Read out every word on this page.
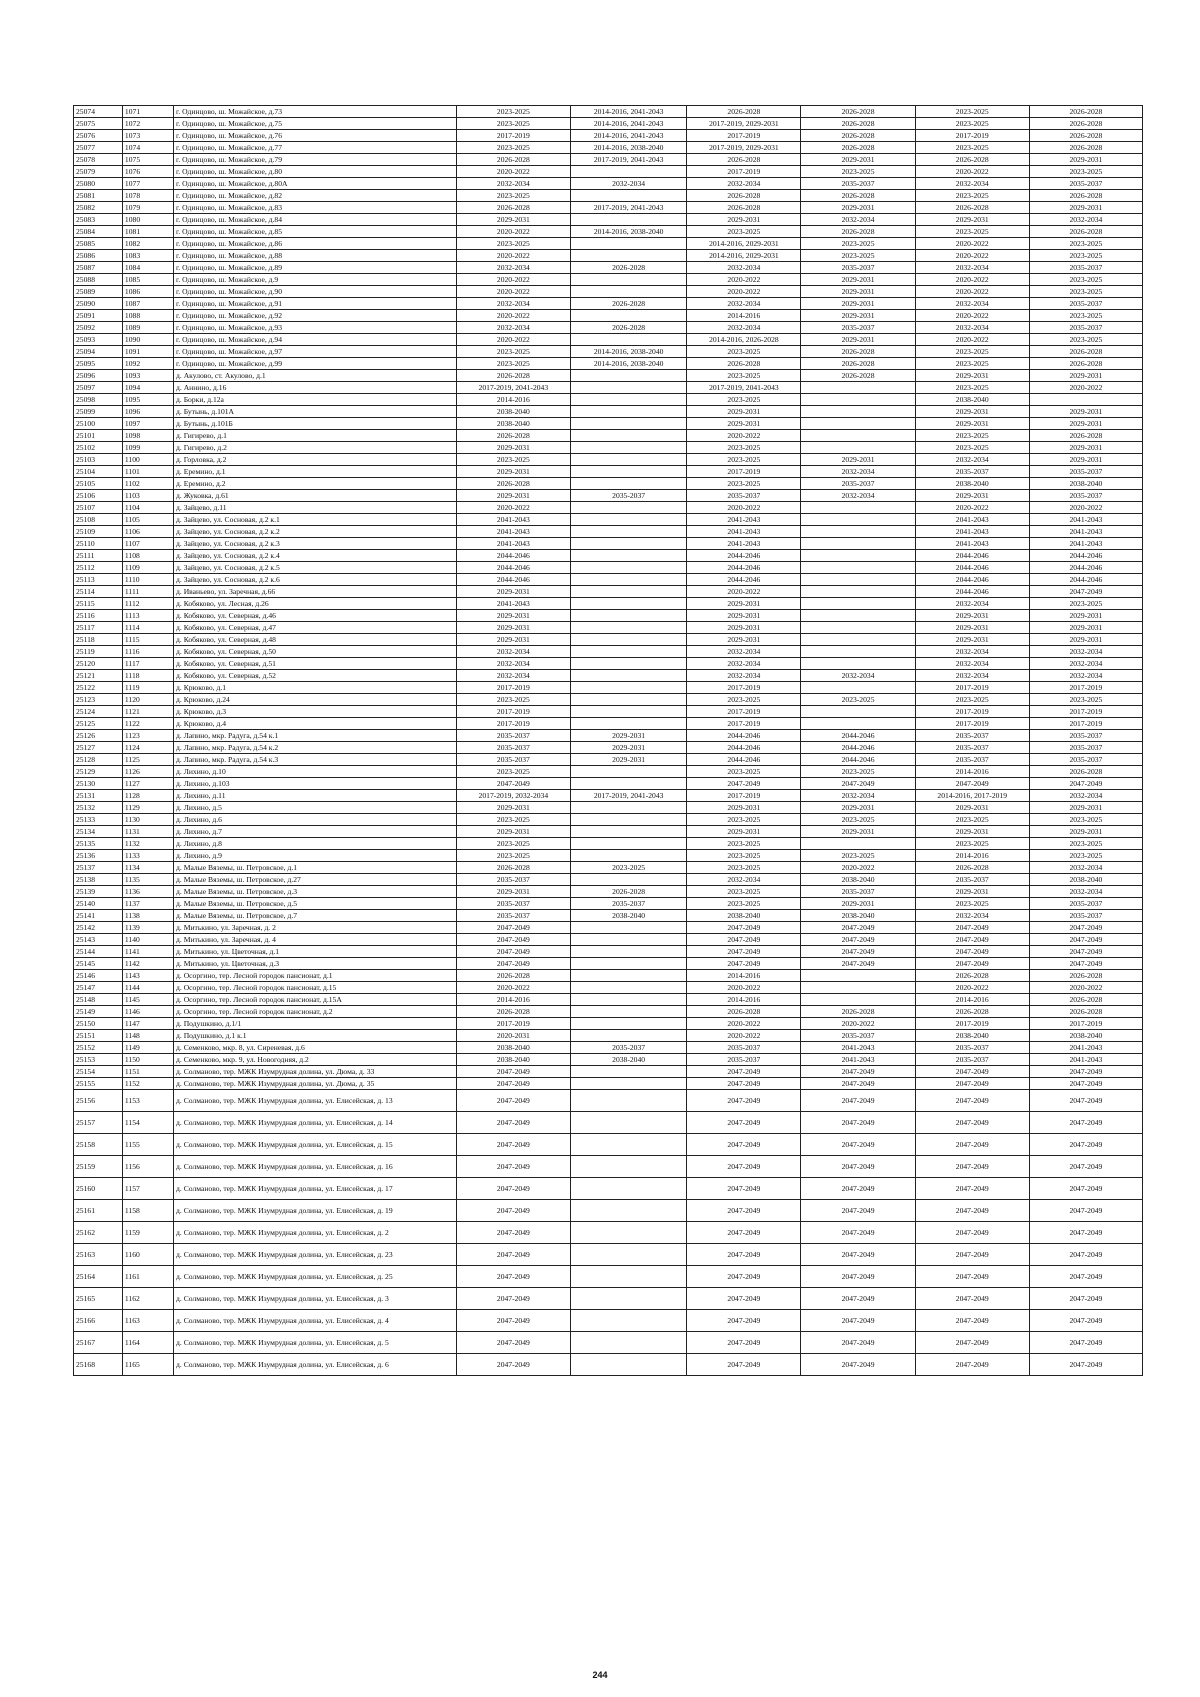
25074	1071	г. Одинцово, ш. Можайское, д.73	2023-2025	2014-2016, 2041-2043	2026-2028	2026-2028	2023-2025	2026-2028
25075	1072	г. Одинцово, ш. Можайское, д.75	2023-2025	2014-2016, 2041-2043	2017-2019, 2029-2031	2026-2028	2023-2025	2026-2028
25076	1073	г. Одинцово, ш. Можайское, д.76	2017-2019	2014-2016, 2041-2043	2017-2019	2026-2028	2017-2019	2026-2028
25077	1074	г. Одинцово, ш. Можайское, д.77	2023-2025	2014-2016, 2038-2040	2017-2019, 2029-2031	2026-2028	2023-2025	2026-2028
25078	1075	г. Одинцово, ш. Можайское, д.79	2026-2028	2017-2019, 2041-2043	2026-2028	2029-2031	2026-2028	2029-2031
25079	1076	г. Одинцово, ш. Можайское, д.80	2020-2022		2017-2019	2023-2025	2020-2022	2023-2025
25080	1077	г. Одинцово, ш. Можайское, д.80А	2032-2034	2032-2034	2032-2034	2035-2037	2032-2034	2035-2037
25081	1078	г. Одинцово, ш. Можайское, д.82	2023-2025		2026-2028	2026-2028	2023-2025	2026-2028
25082	1079	г. Одинцово, ш. Можайское, д.83	2026-2028	2017-2019, 2041-2043	2026-2028	2029-2031	2026-2028	2029-2031
25083	1080	г. Одинцово, ш. Можайское, д.84	2029-2031		2029-2031	2032-2034	2029-2031	2032-2034
25084	1081	г. Одинцово, ш. Можайское, д.85	2020-2022	2014-2016, 2038-2040	2023-2025	2026-2028	2023-2025	2026-2028
25085	1082	г. Одинцово, ш. Можайское, д.86	2023-2025		2014-2016, 2029-2031	2023-2025	2020-2022	2023-2025
25086	1083	г. Одинцово, ш. Можайское, д.88	2020-2022		2014-2016, 2029-2031	2023-2025	2020-2022	2023-2025
25087	1084	г. Одинцово, ш. Можайское, д.89	2032-2034	2026-2028	2032-2034	2035-2037	2032-2034	2035-2037
25088	1085	г. Одинцово, ш. Можайское, д.9	2020-2022		2020-2022	2029-2031	2020-2022	2023-2025
25089	1086	г. Одинцово, ш. Можайское, д.90	2020-2022		2020-2022	2029-2031	2020-2022	2023-2025
25090	1087	г. Одинцово, ш. Можайское, д.91	2032-2034	2026-2028	2032-2034	2029-2031	2032-2034	2035-2037
25091	1088	г. Одинцово, ш. Можайское, д.92	2020-2022		2014-2016	2029-2031	2020-2022	2023-2025
25092	1089	г. Одинцово, ш. Можайское, д.93	2032-2034	2026-2028	2032-2034	2035-2037	2032-2034	2035-2037
25093	1090	г. Одинцово, ш. Можайское, д.94	2020-2022		2014-2016, 2026-2028	2029-2031	2020-2022	2023-2025
25094	1091	г. Одинцово, ш. Можайское, д.97	2023-2025	2014-2016, 2038-2040	2023-2025	2026-2028	2023-2025	2026-2028
25095	1092	г. Одинцово, ш. Можайское, д.99	2023-2025	2014-2016, 2038-2040	2026-2028	2026-2028	2023-2025	2026-2028
25096	1093	д. Акулово, ст. Акулово, д.1	2026-2028		2023-2025	2026-2028	2029-2031	2029-2031
25097	1094	д. Аннино, д.16	2017-2019, 2041-2043		2017-2019, 2041-2043		2023-2025	2020-2022
25098	1095	д. Борки, д.12а	2014-2016		2023-2025		2038-2040	
25099	1096	д. Бутынь, д.101А	2038-2040		2029-2031		2029-2031	2029-2031
25100	1097	д. Бутынь, д.101Б	2038-2040		2029-2031		2029-2031	2029-2031
25101	1098	д. Гигирево, д.1	2026-2028		2020-2022		2023-2025	2026-2028
25102	1099	д. Гигирево, д.2	2029-2031		2023-2025		2023-2025	2029-2031
25103	1100	д. Горловка, д.2	2023-2025		2023-2025	2029-2031	2032-2034	2029-2031
25104	1101	д. Еремино, д.1	2029-2031		2017-2019	2032-2034	2035-2037	2035-2037
25105	1102	д. Еремино, д.2	2026-2028		2023-2025	2035-2037	2038-2040	2038-2040
25106	1103	д. Жуковка, д.61	2029-2031	2035-2037	2035-2037	2032-2034	2029-2031	2035-2037
25107	1104	д. Зайцево, д.11	2020-2022		2020-2022		2020-2022	2020-2022
25108	1105	д. Зайцево, ул. Сосновая, д.2 к.1	2041-2043		2041-2043		2041-2043	2041-2043
25109	1106	д. Зайцево, ул. Сосновая, д.2 к.2	2041-2043		2041-2043		2041-2043	2041-2043
25110	1107	д. Зайцево, ул. Сосновая, д.2 к.3	2041-2043		2041-2043		2041-2043	2041-2043
25111	1108	д. Зайцево, ул. Сосновая, д.2 к.4	2044-2046		2044-2046		2044-2046	2044-2046
25112	1109	д. Зайцево, ул. Сосновая, д.2 к.5	2044-2046		2044-2046		2044-2046	2044-2046
25113	1110	д. Зайцево, ул. Сосновая, д.2 к.6	2044-2046		2044-2046		2044-2046	2044-2046
25114	1111	д. Иваньево, ул. Заречная, д.66	2029-2031		2020-2022		2044-2046	2047-2049
25115	1112	д. Кобяково, ул. Лесная, д.26	2041-2043		2029-2031		2032-2034	2023-2025
25116	1113	д. Кобяково, ул. Северная, д.46	2029-2031		2029-2031		2029-2031	2029-2031
25117	1114	д. Кобяково, ул. Северная, д.47	2029-2031		2029-2031		2029-2031	2029-2031
25118	1115	д. Кобяково, ул. Северная, д.48	2029-2031		2029-2031		2029-2031	2029-2031
25119	1116	д. Кобяково, ул. Северная, д.50	2032-2034		2032-2034		2032-2034	2032-2034
25120	1117	д. Кобяково, ул. Северная, д.51	2032-2034		2032-2034		2032-2034	2032-2034
25121	1118	д. Кобяково, ул. Северная, д.52	2032-2034		2032-2034	2032-2034	2032-2034	2032-2034
25122	1119	д. Крюково, д.1	2017-2019		2017-2019		2017-2019	2017-2019
25123	1120	д. Крюково, д.24	2023-2025		2023-2025	2023-2025	2023-2025	2023-2025
25124	1121	д. Крюково, д.3	2017-2019		2017-2019		2017-2019	2017-2019
25125	1122	д. Крюково, д.4	2017-2019		2017-2019		2017-2019	2017-2019
25126	1123	д. Лапино, мкр. Радуга, д.54 к.1	2035-2037	2029-2031	2044-2046	2044-2046	2035-2037	2035-2037
25127	1124	д. Лапино, мкр. Радуга, д.54 к.2	2035-2037	2029-2031	2044-2046	2044-2046	2035-2037	2035-2037
25128	1125	д. Лапино, мкр. Радуга, д.54 к.3	2035-2037	2029-2031	2044-2046	2044-2046	2035-2037	2035-2037
25129	1126	д. Лихино, д.10	2023-2025		2023-2025	2023-2025	2014-2016	2026-2028
25130	1127	д. Лихино, д.103	2047-2049		2047-2049	2047-2049	2047-2049	2047-2049
25131	1128	д. Лихино, д.11	2017-2019, 2032-2034	2017-2019, 2041-2043	2017-2019	2032-2034	2014-2016, 2017-2019	2032-2034
25132	1129	д. Лихино, д.5	2029-2031		2029-2031	2029-2031	2029-2031	2029-2031
25133	1130	д. Лихино, д.6	2023-2025		2023-2025	2023-2025	2023-2025	2023-2025
25134	1131	д. Лихино, д.7	2029-2031		2029-2031	2029-2031	2029-2031	2029-2031
25135	1132	д. Лихино, д.8	2023-2025		2023-2025		2023-2025	2023-2025
25136	1133	д. Лихино, д.9	2023-2025		2023-2025	2023-2025	2014-2016	2023-2025
25137	1134	д. Малые Вяземы, ш. Петровское, д.1	2026-2028	2023-2025	2023-2025	2020-2022	2026-2028	2032-2034
25138	1135	д. Малые Вяземы, ш. Петровское, д.27	2035-2037		2032-2034	2038-2040	2035-2037	2038-2040
25139	1136	д. Малые Вяземы, ш. Петровское, д.3	2029-2031	2026-2028	2023-2025	2035-2037	2029-2031	2032-2034
25140	1137	д. Малые Вяземы, ш. Петровское, д.5	2035-2037	2035-2037	2023-2025	2029-2031	2023-2025	2035-2037
25141	1138	д. Малые Вяземы, ш. Петровское, д.7	2035-2037	2038-2040	2038-2040	2038-2040	2032-2034	2035-2037
25142	1139	д. Митькино, ул. Заречная, д. 2	2047-2049		2047-2049	2047-2049	2047-2049	2047-2049
25143	1140	д. Митькино, ул. Заречная, д. 4	2047-2049		2047-2049	2047-2049	2047-2049	2047-2049
25144	1141	д. Митькино, ул. Цветочная, д.1	2047-2049		2047-2049	2047-2049	2047-2049	2047-2049
25145	1142	д. Митькино, ул. Цветочная, д.3	2047-2049		2047-2049	2047-2049	2047-2049	2047-2049
25146	1143	д. Осоргино, тер. Лесной городок пансионат, д.1	2026-2028		2014-2016		2026-2028	2026-2028
25147	1144	д. Осоргино, тер. Лесной городок пансионат, д.15	2020-2022		2020-2022		2020-2022	2020-2022
25148	1145	д. Осоргино, тер. Лесной городок пансионат, д.15А	2014-2016		2014-2016		2014-2016	2026-2028
25149	1146	д. Осоргино, тер. Лесной городок пансионат, д.2	2026-2028		2026-2028	2026-2028	2026-2028	2026-2028
25150	1147	д. Подушкино, д.1/1	2017-2019		2020-2022	2020-2022	2017-2019	2017-2019
25151	1148	д. Подушкино, д.1 к.1	2020-2031		2020-2022	2035-2037	2038-2040	2038-2040
25152	1149	д. Семенково, мкр. 8, ул. Сиреневая, д.6	2038-2040	2035-2037	2035-2037	2041-2043	2035-2037	2041-2043
25153	1150	д. Семенково, мкр. 9, ул. Новогодняя, д.2	2038-2040	2038-2040	2035-2037	2041-2043	2035-2037	2041-2043
25154	1151	д. Солманово, тер. МЖК Изумрудная долина, ул. Дюма, д. 33	2047-2049		2047-2049	2047-2049	2047-2049	2047-2049
25155	1152	д. Солманово, тер. МЖК Изумрудная долина, ул. Дюма, д. 35	2047-2049		2047-2049	2047-2049	2047-2049	2047-2049
25156	1153	д. Солманово, тер. МЖК Изумрудная долина, ул. Елисейская, д. 13	2047-2049		2047-2049	2047-2049	2047-2049	2047-2049
25157	1154	д. Солманово, тер. МЖК Изумрудная долина, ул. Елисейская, д. 14	2047-2049		2047-2049	2047-2049	2047-2049	2047-2049
25158	1155	д. Солманово, тер. МЖК Изумрудная долина, ул. Елисейская, д. 15	2047-2049		2047-2049	2047-2049	2047-2049	2047-2049
25159	1156	д. Солманово, тер. МЖК Изумрудная долина, ул. Елисейская, д. 16	2047-2049		2047-2049	2047-2049	2047-2049	2047-2049
25160	1157	д. Солманово, тер. МЖК Изумрудная долина, ул. Елисейская, д. 17	2047-2049		2047-2049	2047-2049	2047-2049	2047-2049
25161	1158	д. Солманово, тер. МЖК Изумрудная долина, ул. Елисейская, д. 19	2047-2049		2047-2049	2047-2049	2047-2049	2047-2049
25162	1159	д. Солманово, тер. МЖК Изумрудная долина, ул. Елисейская, д. 2	2047-2049		2047-2049	2047-2049	2047-2049	2047-2049
25163	1160	д. Солманово, тер. МЖК Изумрудная долина, ул. Елисейская, д. 23	2047-2049		2047-2049	2047-2049	2047-2049	2047-2049
25164	1161	д. Солманово, тер. МЖК Изумрудная долина, ул. Елисейская, д. 25	2047-2049		2047-2049	2047-2049	2047-2049	2047-2049
25165	1162	д. Солманово, тер. МЖК Изумрудная долина, ул. Елисейская, д. 3	2047-2049		2047-2049	2047-2049	2047-2049	2047-2049
25166	1163	д. Солманово, тер. МЖК Изумрудная долина, ул. Елисейская, д. 4	2047-2049		2047-2049	2047-2049	2047-2049	2047-2049
25167	1164	д. Солманово, тер. МЖК Изумрудная долина, ул. Елисейская, д. 5	2047-2049		2047-2049	2047-2049	2047-2049	2047-2049
25168	1165	д. Солманово, тер. МЖК Изумрудная долина, ул. Елисейская, д. 6	2047-2049		2047-2049	2047-2049	2047-2049	2047-2049
244
